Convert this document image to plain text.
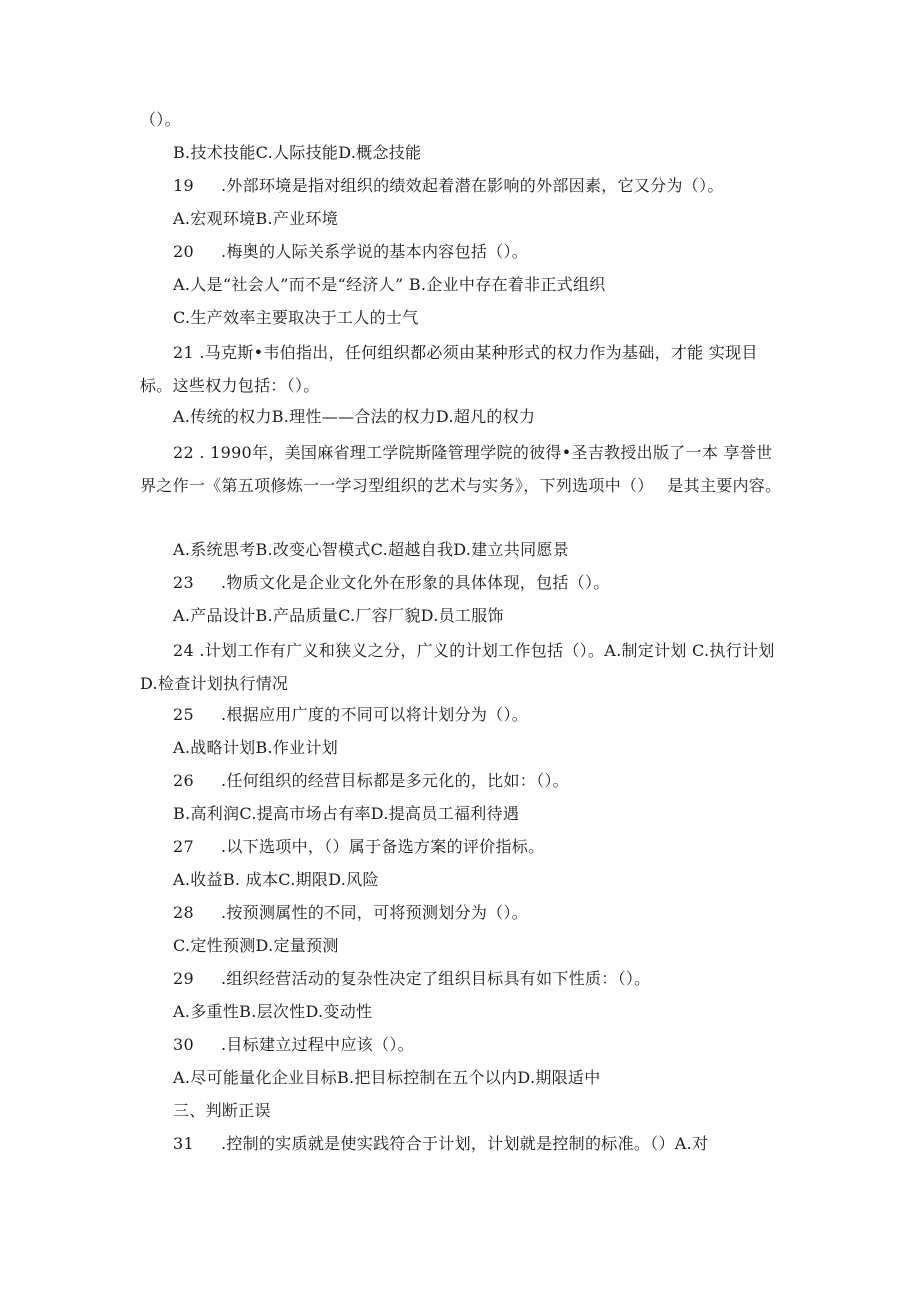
（）。
B.技术技能C.人际技能D.概念技能
19 .外部环境是指对组织的绩效起着潜在影响的外部因素，它又分为（）。
A.宏观环境B.产业环境
20 .梅奥的人际关系学说的基本内容包括（）。
A.人是“社会人”而不是“经济人” B.企业中存在着非正式组织
C.生产效率主要取决于工人的士气
21 .马克斯•韦伯指出，任何组织都必须由某种形式的权力作为基础，才能 实现目标。这些权力包括：（）。
A.传统的权力B.理性——合法的权力D.超凡的权力
22 . 1990年，美国麻省理工学院斯隆管理学院的彼得•圣吉教授出版了一本 享誉世界之作一《第五项修炼一一学习型组织的艺术与实务》，下列选项中（）　 是其主要内容。
A.系统思考B.改变心智模式C.超越自我D.建立共同愿景
23 .物质文化是企业文化外在形象的具体体现，包括（）。
A.产品设计B.产品质量C.厂容厂貌D.员工服饰
24 .计划工作有广义和狭义之分，广义的计划工作包括（）。A.制定计划 C.执行计划D.检查计划执行情况
25 .根据应用广度的不同可以将计划分为（）。
A.战略计划B.作业计划
26 .任何组织的经营目标都是多元化的，比如：（）。
B.高利润C.提高市场占有率D.提高员工福利待遇
27 .以下选项中，（）属于备选方案的评价指标。
A.收益B. 成本C.期限D.风险
28 .按预测属性的不同，可将预测划分为（）。
C.定性预测D.定量预测
29 .组织经营活动的复杂性决定了组织目标具有如下性质：（）。
A.多重性B.层次性D.变动性
30 .目标建立过程中应该（）。
A.尽可能量化企业目标B.把目标控制在五个以内D.期限适中
三、判断正误
31 .控制的实质就是使实践符合于计划，计划就是控制的标准。（）A.对
